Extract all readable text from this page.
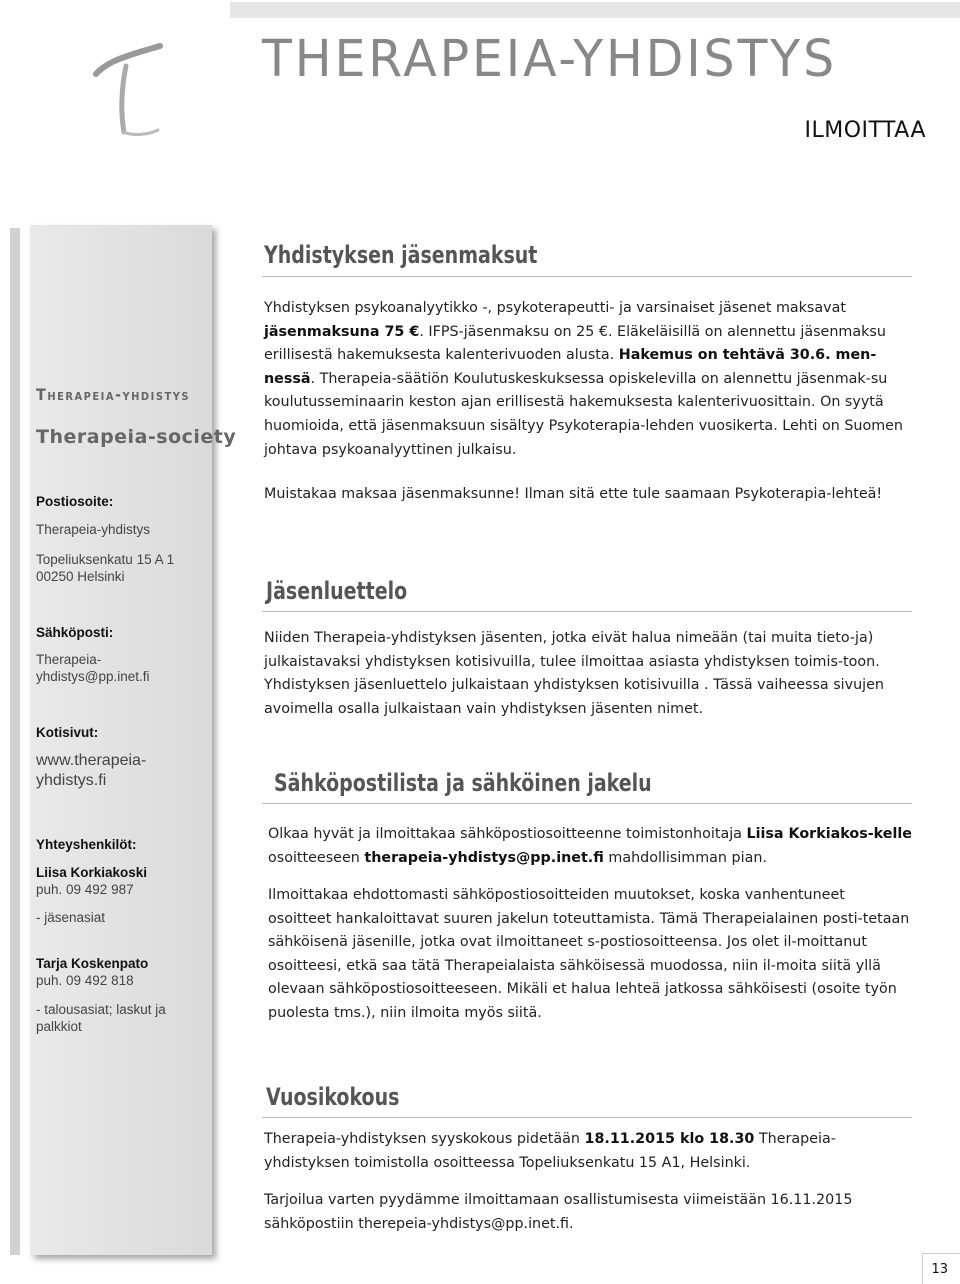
THERAPEIA-YHDISTYS
ILMOITTAA
Therapeia-yhdistys
Therapeia-society
Postiosoite:
Therapeia-yhdistys
Topeliuksenkatu 15 A 1
00250 Helsinki
Sähköposti:
Therapeia-
yhdistys@pp.inet.fi
Kotisivut:
www.therapeia-
yhdistys.fi
Yhteyshenkilöt:
Liisa Korkiakoski
puh. 09 492 987
- jäsenasiat
Tarja Koskenpato
puh. 09 492 818
- talousasiat; laskut ja palkkiot
Yhdistyksen jäsenmaksut
Yhdistyksen psykoanalyytikko -, psykoterapeutti- ja varsinaiset jäsenet maksavat jäsenmaksuna 75 €. IFPS-jäsenmaksu on 25 €. Eläkeläisillä on alennettu jäsenmaksu erillisestä hakemuksesta kalenterivuoden alusta. Hakemus on tehtävä 30.6. men-nessä. Therapeia-säätiön Koulutuskeskuksessa opiskelevilla on alennettu jäsenmak-su koulutusseminaarin keston ajan erillisestä hakemuksesta kalenterivuosittain. On syytä huomioida, että jäsenmaksuun sisältyy Psykoterapia-lehden vuosikerta. Lehti on Suomen johtava psykoanalyyttinen julkaisu.
Muistakaa maksaa jäsenmaksunne! Ilman sitä ette tule saamaan Psykoterapia-lehteä!
Jäsenluettelo
Niiden Therapeia-yhdistyksen jäsenten, jotka eivät halua nimeään (tai muita tieto-ja) julkaistavaksi yhdistyksen kotisivuilla, tulee ilmoittaa asiasta yhdistyksen toimis-toon. Yhdistyksen jäsenluettelo julkaistaan yhdistyksen kotisivuilla . Tässä vaiheessa sivujen avoimella osalla julkaistaan vain yhdistyksen jäsenten nimet.
Sähköpostilista ja sähköinen jakelu
Olkaa hyvät ja ilmoittakaa sähköpostiosoitteenne toimistonhoitaja Liisa Korkiakos-kelle osoitteeseen therapeia-yhdistys@pp.inet.fi mahdollisimman pian.
Ilmoittakaa ehdottomasti sähköpostiosoitteiden muutokset, koska vanhentuneet osoitteet hankaloittavat suuren jakelun toteuttamista. Tämä Therapeialainen posti-tetaan sähköisenä jäsenille, jotka ovat ilmoittaneet s-postiosoitteensa. Jos olet il-moittanut osoitteesi, etkä saa tätä Therapeialaista sähköisessä muodossa, niin il-moita siitä yllä olevaan sähköpostiosoitteeseen. Mikäli et halua lehteä jatkossa sähköisesti (osoite työn puolesta tms.), niin ilmoita myös siitä.
Vuosikokous
Therapeia-yhdistyksen syyskokous pidetään 18.11.2015 klo 18.30 Therapeia-yhdistyksen toimistolla osoitteessa Topeliuksenkatu 15 A1, Helsinki.
Tarjoilua varten pyydämme ilmoittamaan osallistumisesta viimeistään 16.11.2015 sähköpostiin therepeia-yhdistys@pp.inet.fi.
13
